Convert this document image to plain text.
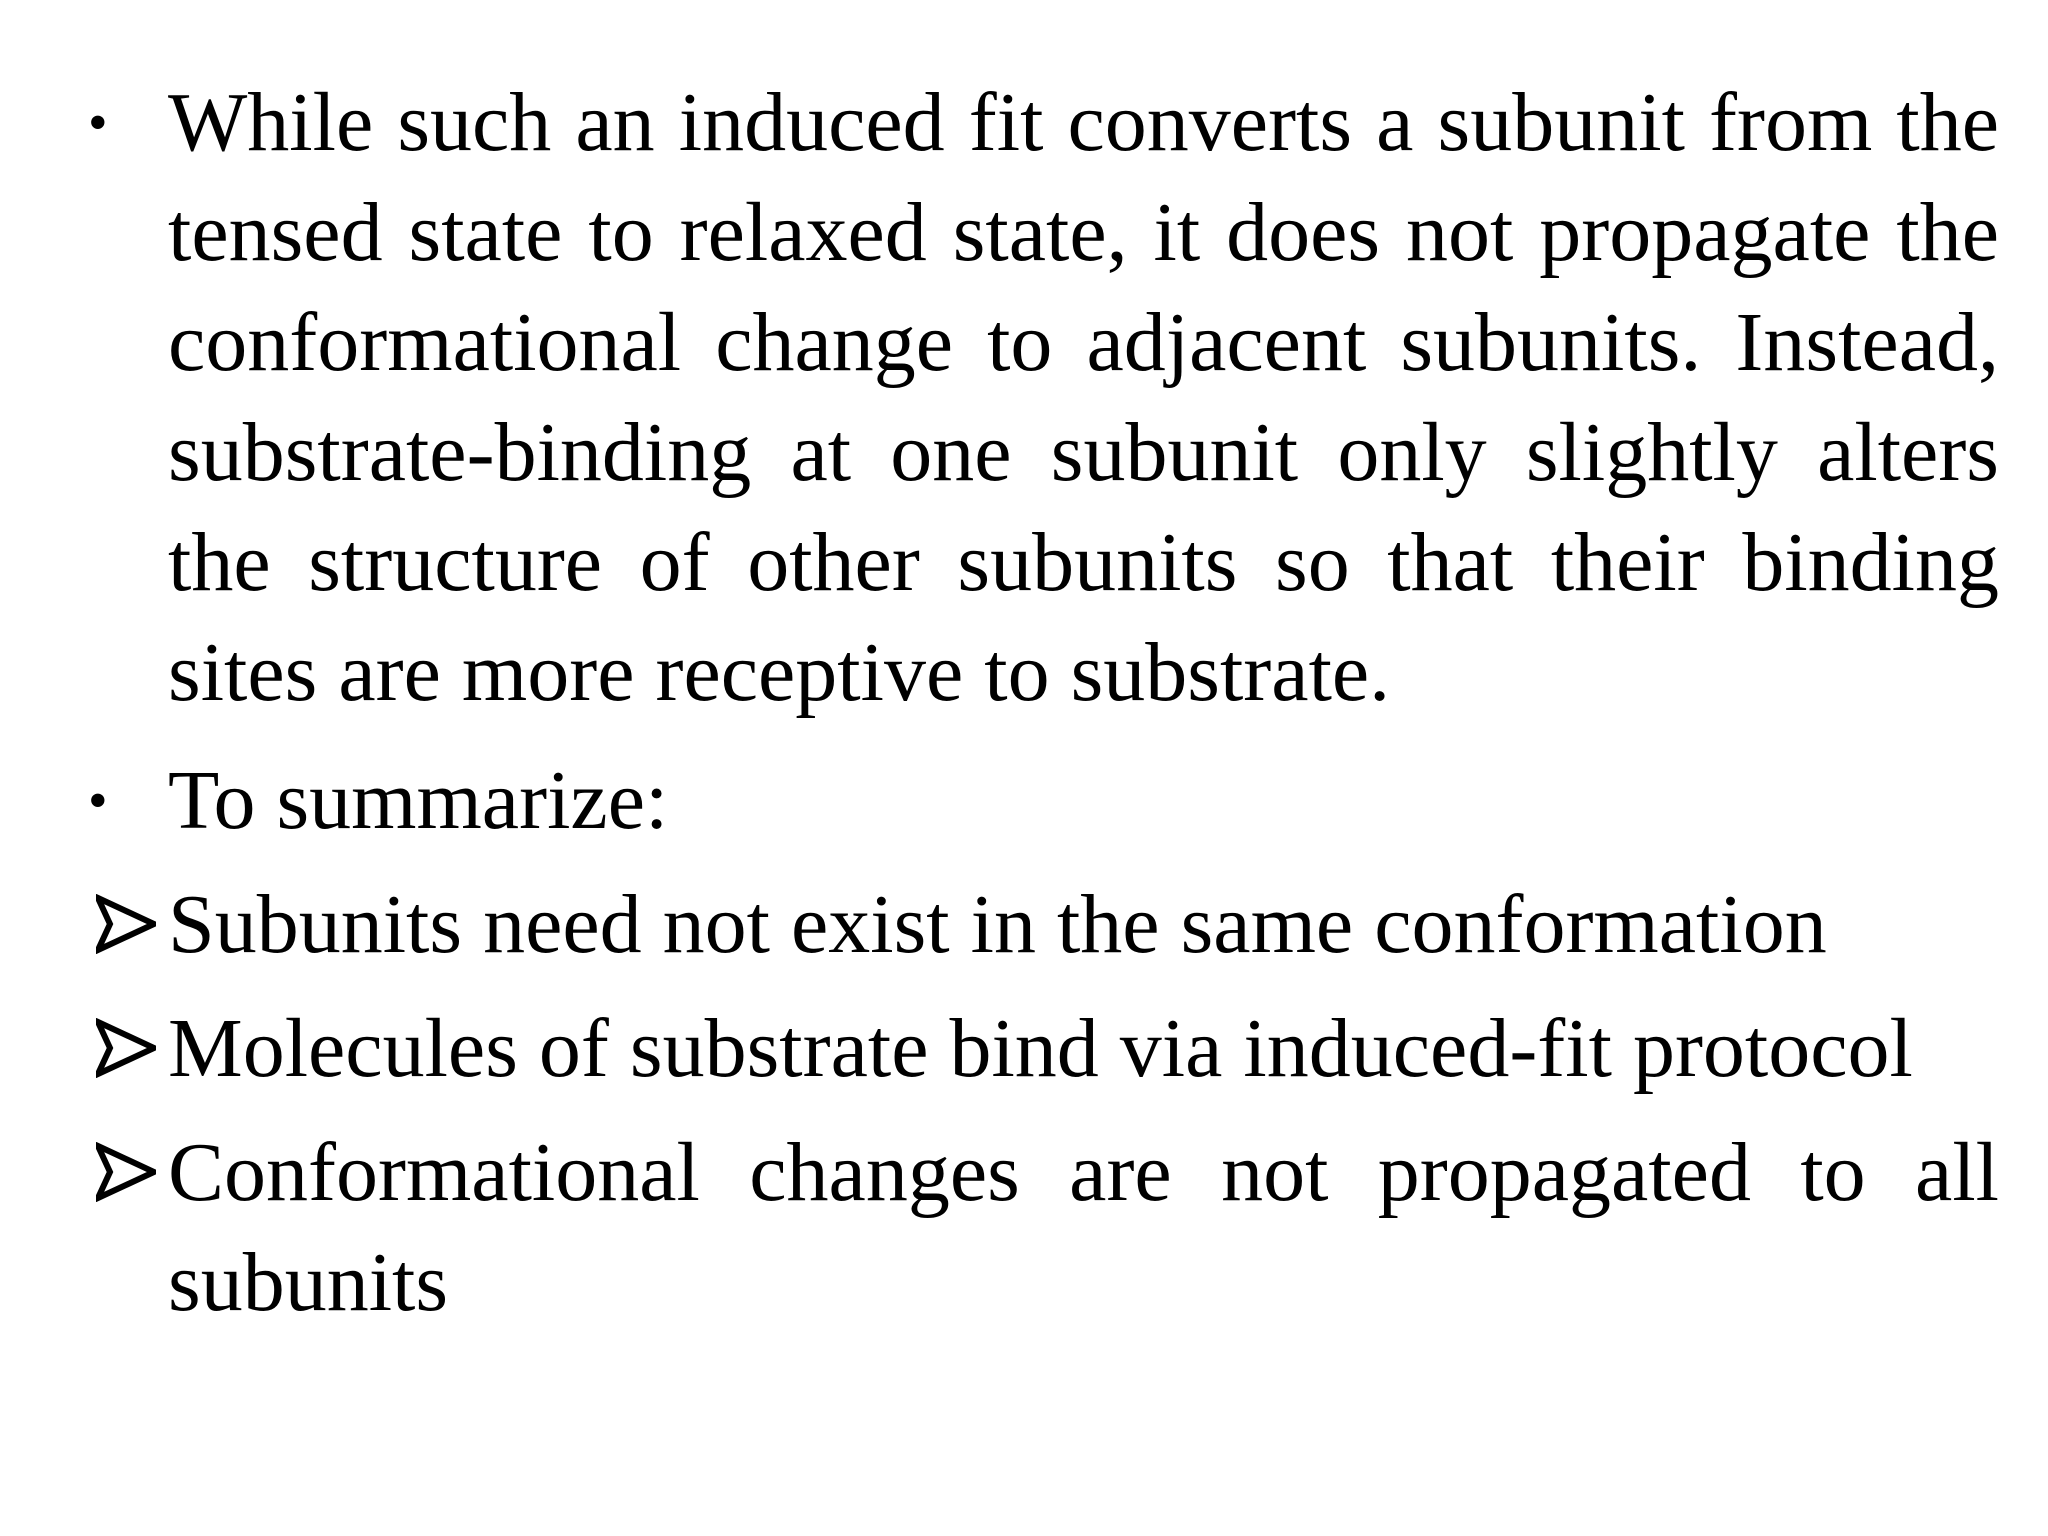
• While such an induced fit converts a subunit from the tensed state to relaxed state, it does not propagate the conformational change to adjacent subunits. Instead, substrate-binding at one subunit only slightly alters the structure of other subunits so that their binding sites are more receptive to substrate.

• To summarize:

Subunits need not exist in the same conformation

Molecules of substrate bind via induced-fit protocol

Conformational changes are not propagated to all subunits
